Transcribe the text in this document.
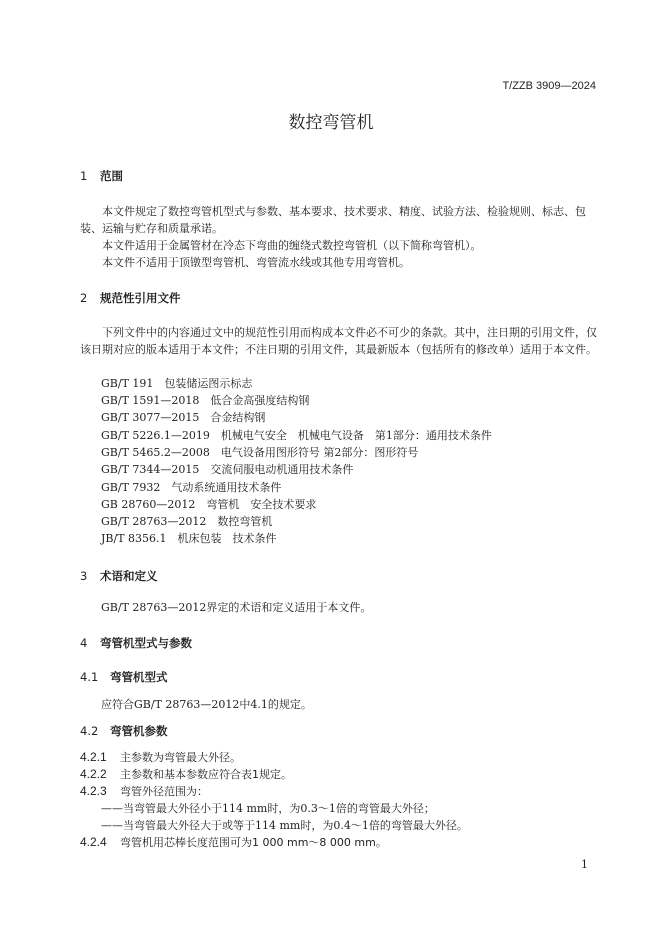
T/ZZB 3909—2024
数控弯管机
1 范围
本文件规定了数控弯管机型式与参数、基本要求、技术要求、精度、试验方法、检验规则、标志、包装、运输与贮存和质量承诺。
本文件适用于金属管材在冷态下弯曲的缠绕式数控弯管机（以下简称弯管机）。
本文件不适用于顶镦型弯管机、弯管流水线或其他专用弯管机。
2 规范性引用文件
下列文件中的内容通过文中的规范性引用而构成本文件必不可少的条款。其中，注日期的引用文件，仅该日期对应的版本适用于本文件；不注日期的引用文件，其最新版本（包括所有的修改单）适用于本文件。
GB/T 191　包装储运图示标志
GB/T 1591—2018　低合金高强度结构钢
GB/T 3077—2015　合金结构钢
GB/T 5226.1—2019　机械电气安全　机械电气设备　第1部分：通用技术条件
GB/T 5465.2—2008　电气设备用图形符号 第2部分：图形符号
GB/T 7344—2015　交流伺服电动机通用技术条件
GB/T 7932　气动系统通用技术条件
GB 28760—2012　弯管机　安全技术要求
GB/T 28763—2012　数控弯管机
JB/T 8356.1　机床包装　技术条件
3 术语和定义
GB/T 28763—2012界定的术语和定义适用于本文件。
4 弯管机型式与参数
4.1 弯管机型式
应符合GB/T 28763—2012中4.1的规定。
4.2 弯管机参数
4.2.1 主参数为弯管最大外径。
4.2.2 主参数和基本参数应符合表1规定。
4.2.3 弯管外径范围为：
——当弯管最大外径小于114 mm时，为0.3～1倍的弯管最大外径；
——当弯管最大外径大于或等于114 mm时，为0.4～1倍的弯管最大外径。
4.2.4 弯管机用芯棒长度范围可为1 000 mm～8 000 mm。
1
